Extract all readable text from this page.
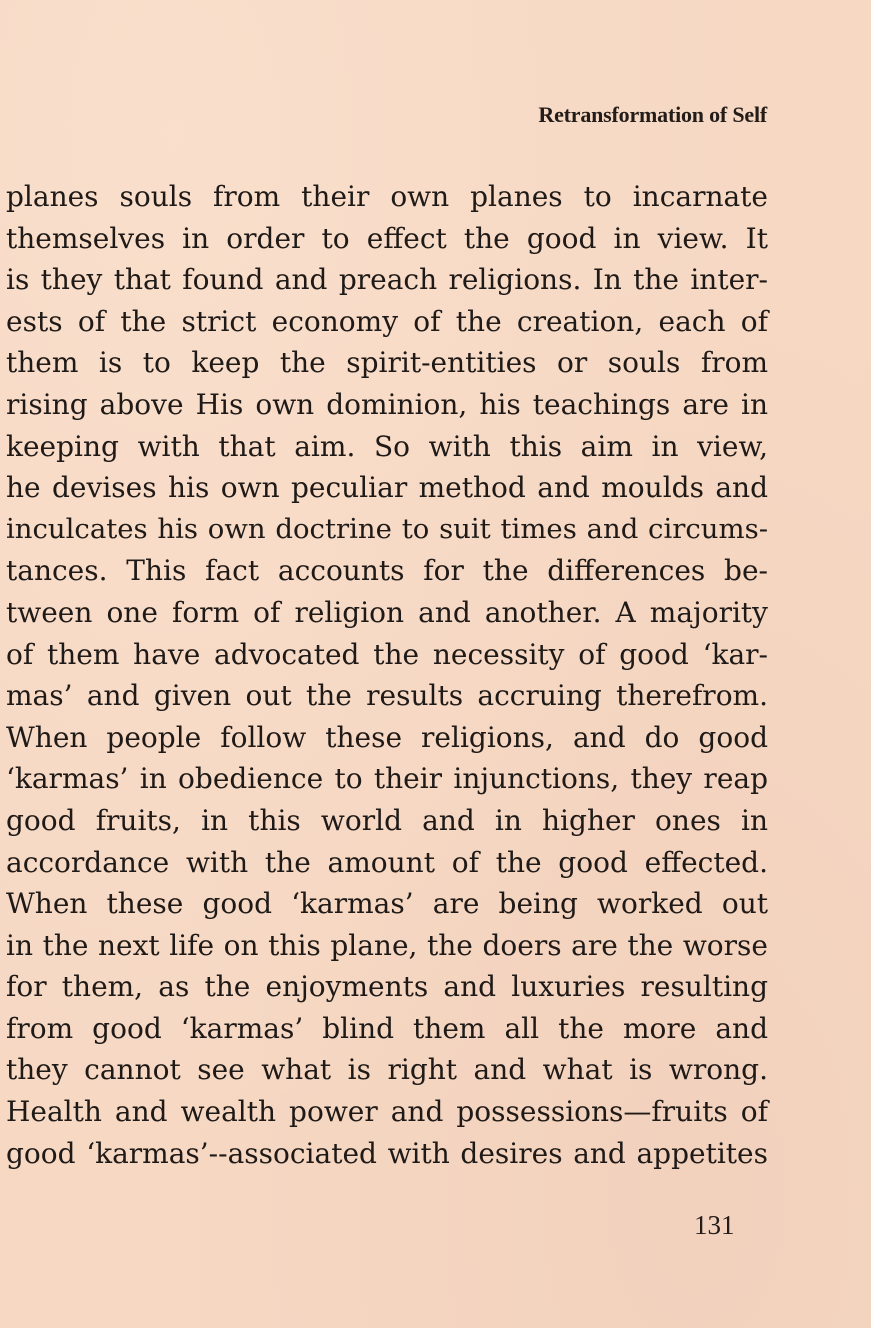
Retransformation of Self
planes souls from their own planes to incarnate
themselves in order to effect the good in view. It
is they that found and preach religions. In the inter-
ests of the strict economy of the creation, each of
them is to keep the spirit-entities or souls from
rising above His own dominion, his teachings are in
keeping with that aim. So with this aim in view,
he devises his own peculiar method and moulds and
inculcates his own doctrine to suit times and circums-
tances. This fact accounts for the differences be-
tween one form of religion and another. A majority
of them have advocated the necessity of good ‘kar-
mas’ and given out the results accruing therefrom.
When people follow these religions, and do good
‘karmas’ in obedience to their injunctions, they reap
good fruits, in this world and in higher ones in
accordance with the amount of the good effected.
When these good ‘karmas’ are being worked out
in the next life on this plane, the doers are the worse
for them, as the enjoyments and luxuries resulting
from good ‘karmas’ blind them all the more and
they cannot see what is right and what is wrong.
Health and wealth power and possessions—fruits of
good ‘karmas’--associated with desires and appetites
131
